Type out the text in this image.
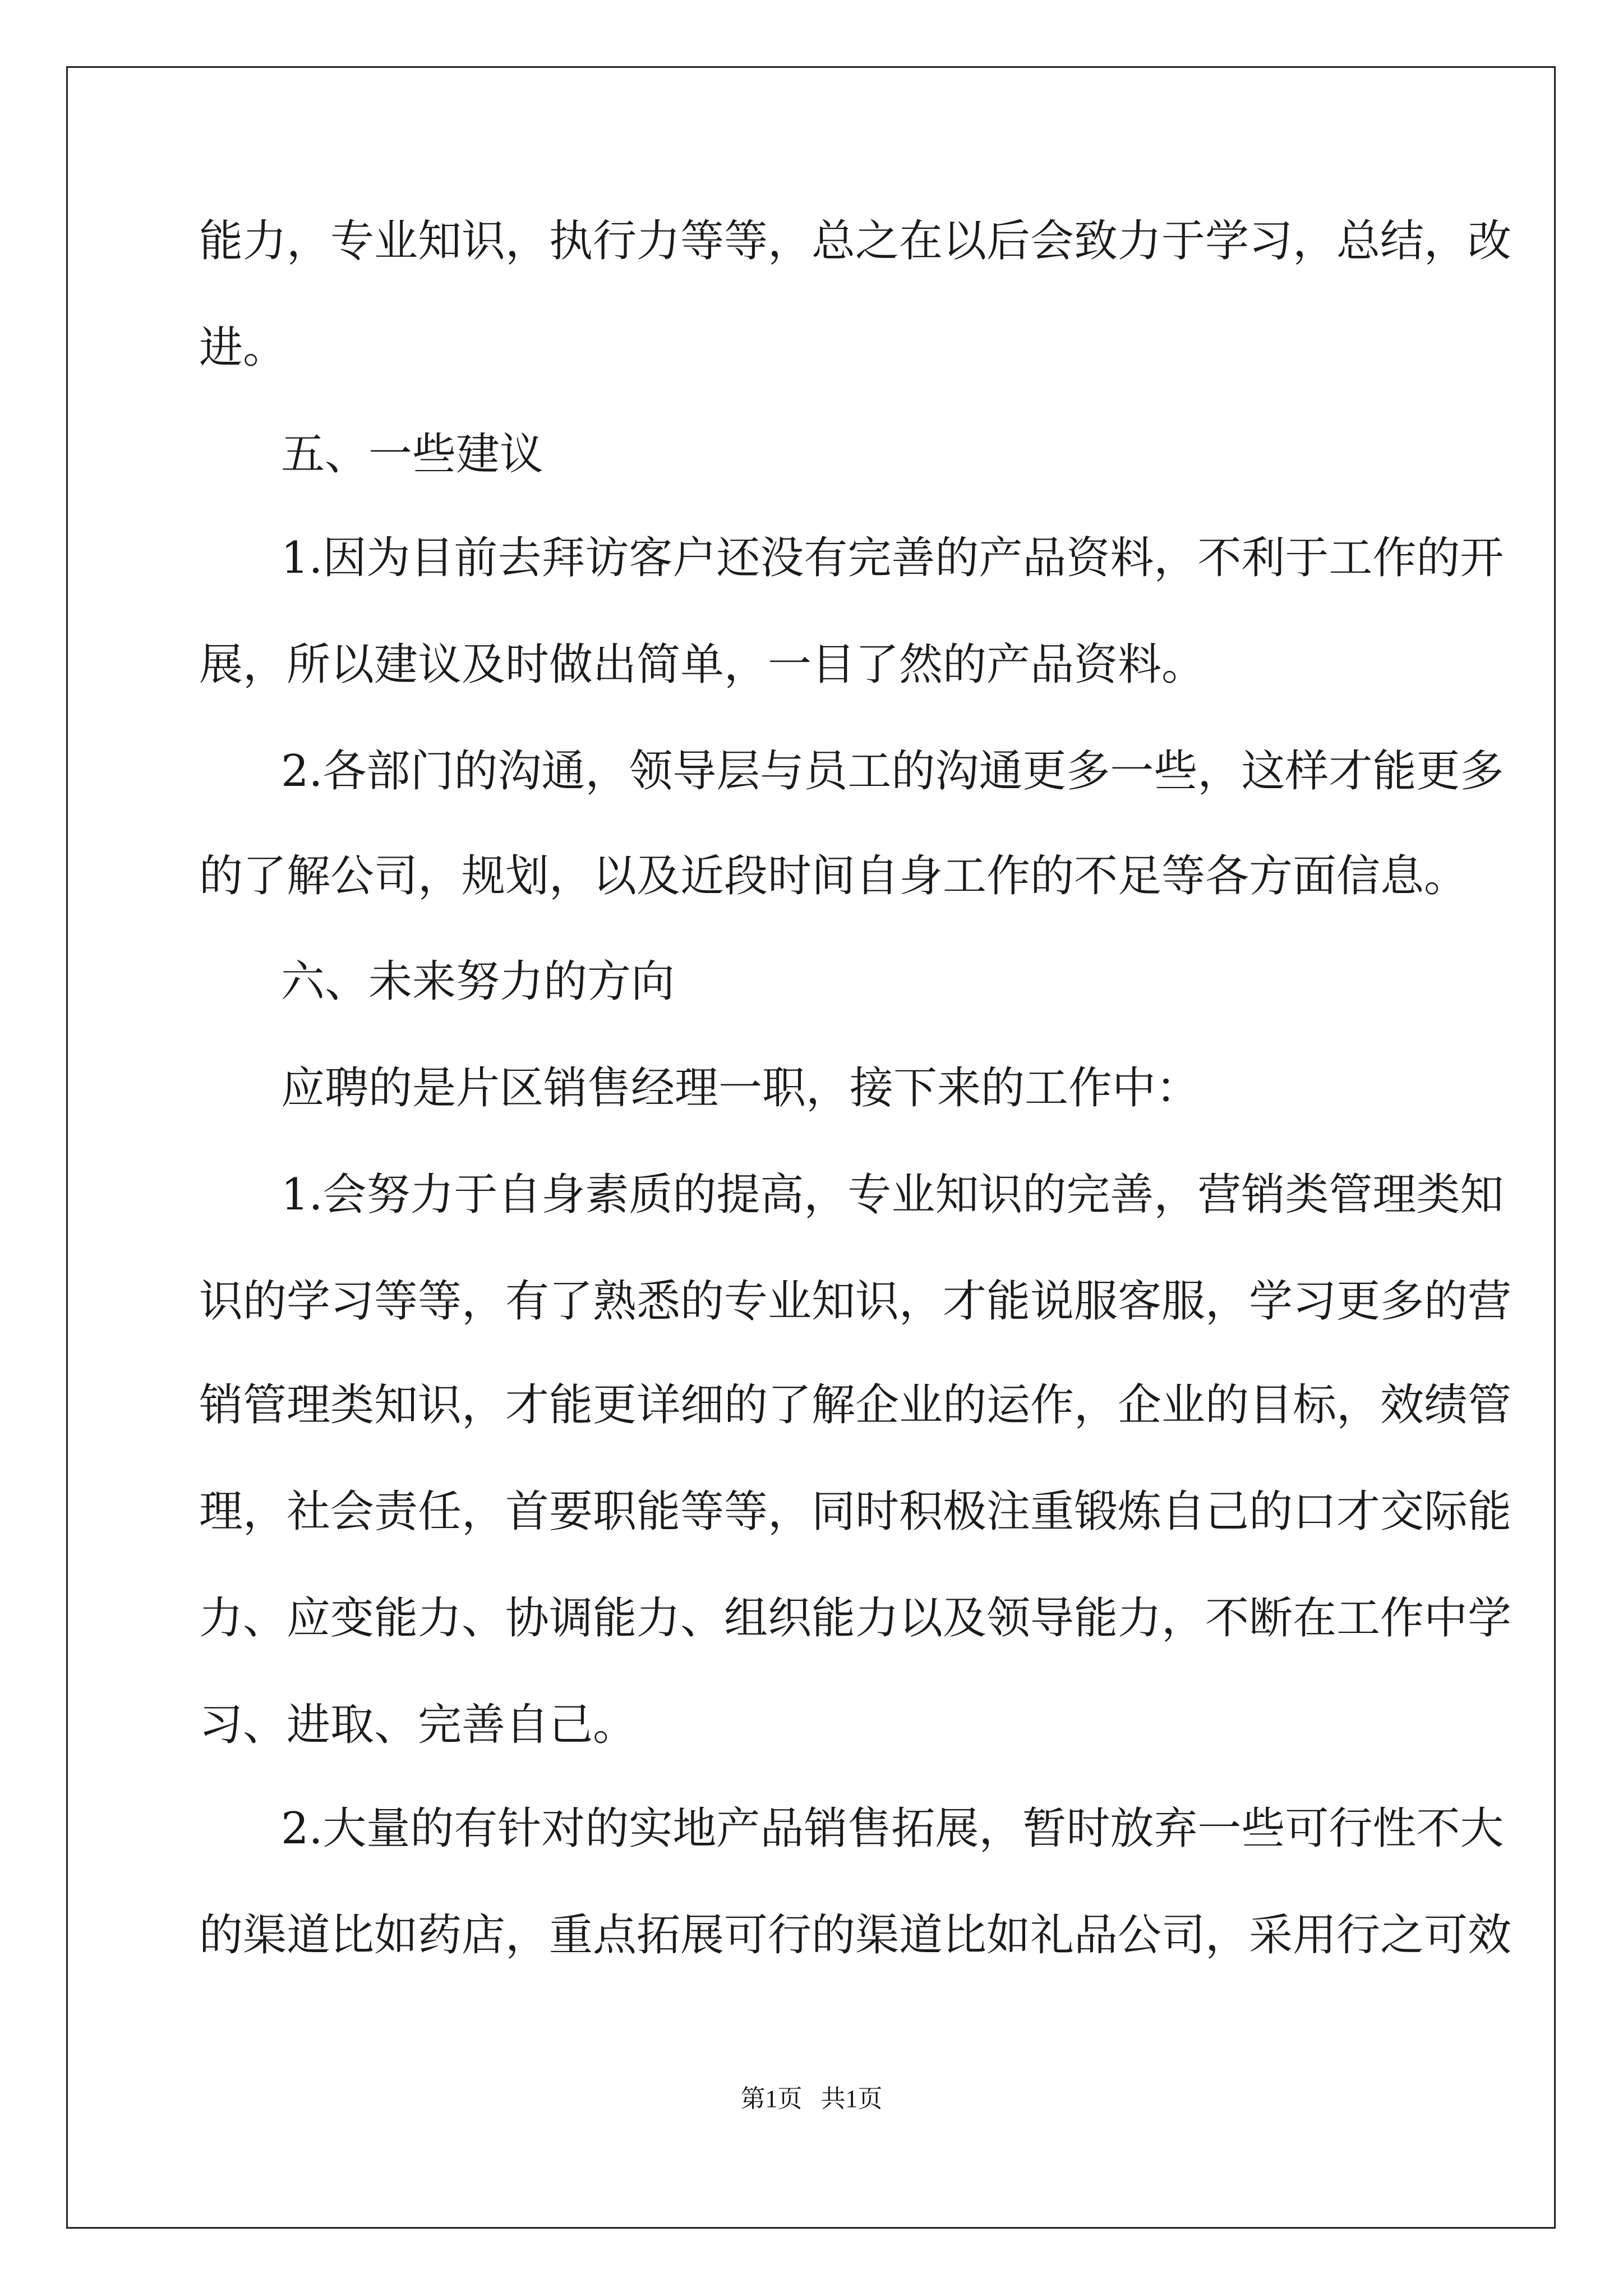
能力，专业知识，执行力等等，总之在以后会致力于学习，总结，改
进。
五、一些建议
1.因为目前去拜访客户还没有完善的产品资料，不利于工作的开
展，所以建议及时做出简单，一目了然的产品资料。
2.各部门的沟通，领导层与员工的沟通更多一些，这样才能更多
的了解公司，规划，以及近段时间自身工作的不足等各方面信息。
六、未来努力的方向
应聘的是片区销售经理一职，接下来的工作中：
1.会努力于自身素质的提高，专业知识的完善，营销类管理类知
识的学习等等，有了熟悉的专业知识，才能说服客服，学习更多的营
销管理类知识，才能更详细的了解企业的运作，企业的目标，效绩管
理，社会责任，首要职能等等，同时积极注重锻炼自己的口才交际能
力、应变能力、协调能力、组织能力以及领导能力，不断在工作中学
习、进取、完善自己。
2.大量的有针对的实地产品销售拓展，暂时放弃一些可行性不大
的渠道比如药店，重点拓展可行的渠道比如礼品公司，采用行之可效
第1页   共1页
